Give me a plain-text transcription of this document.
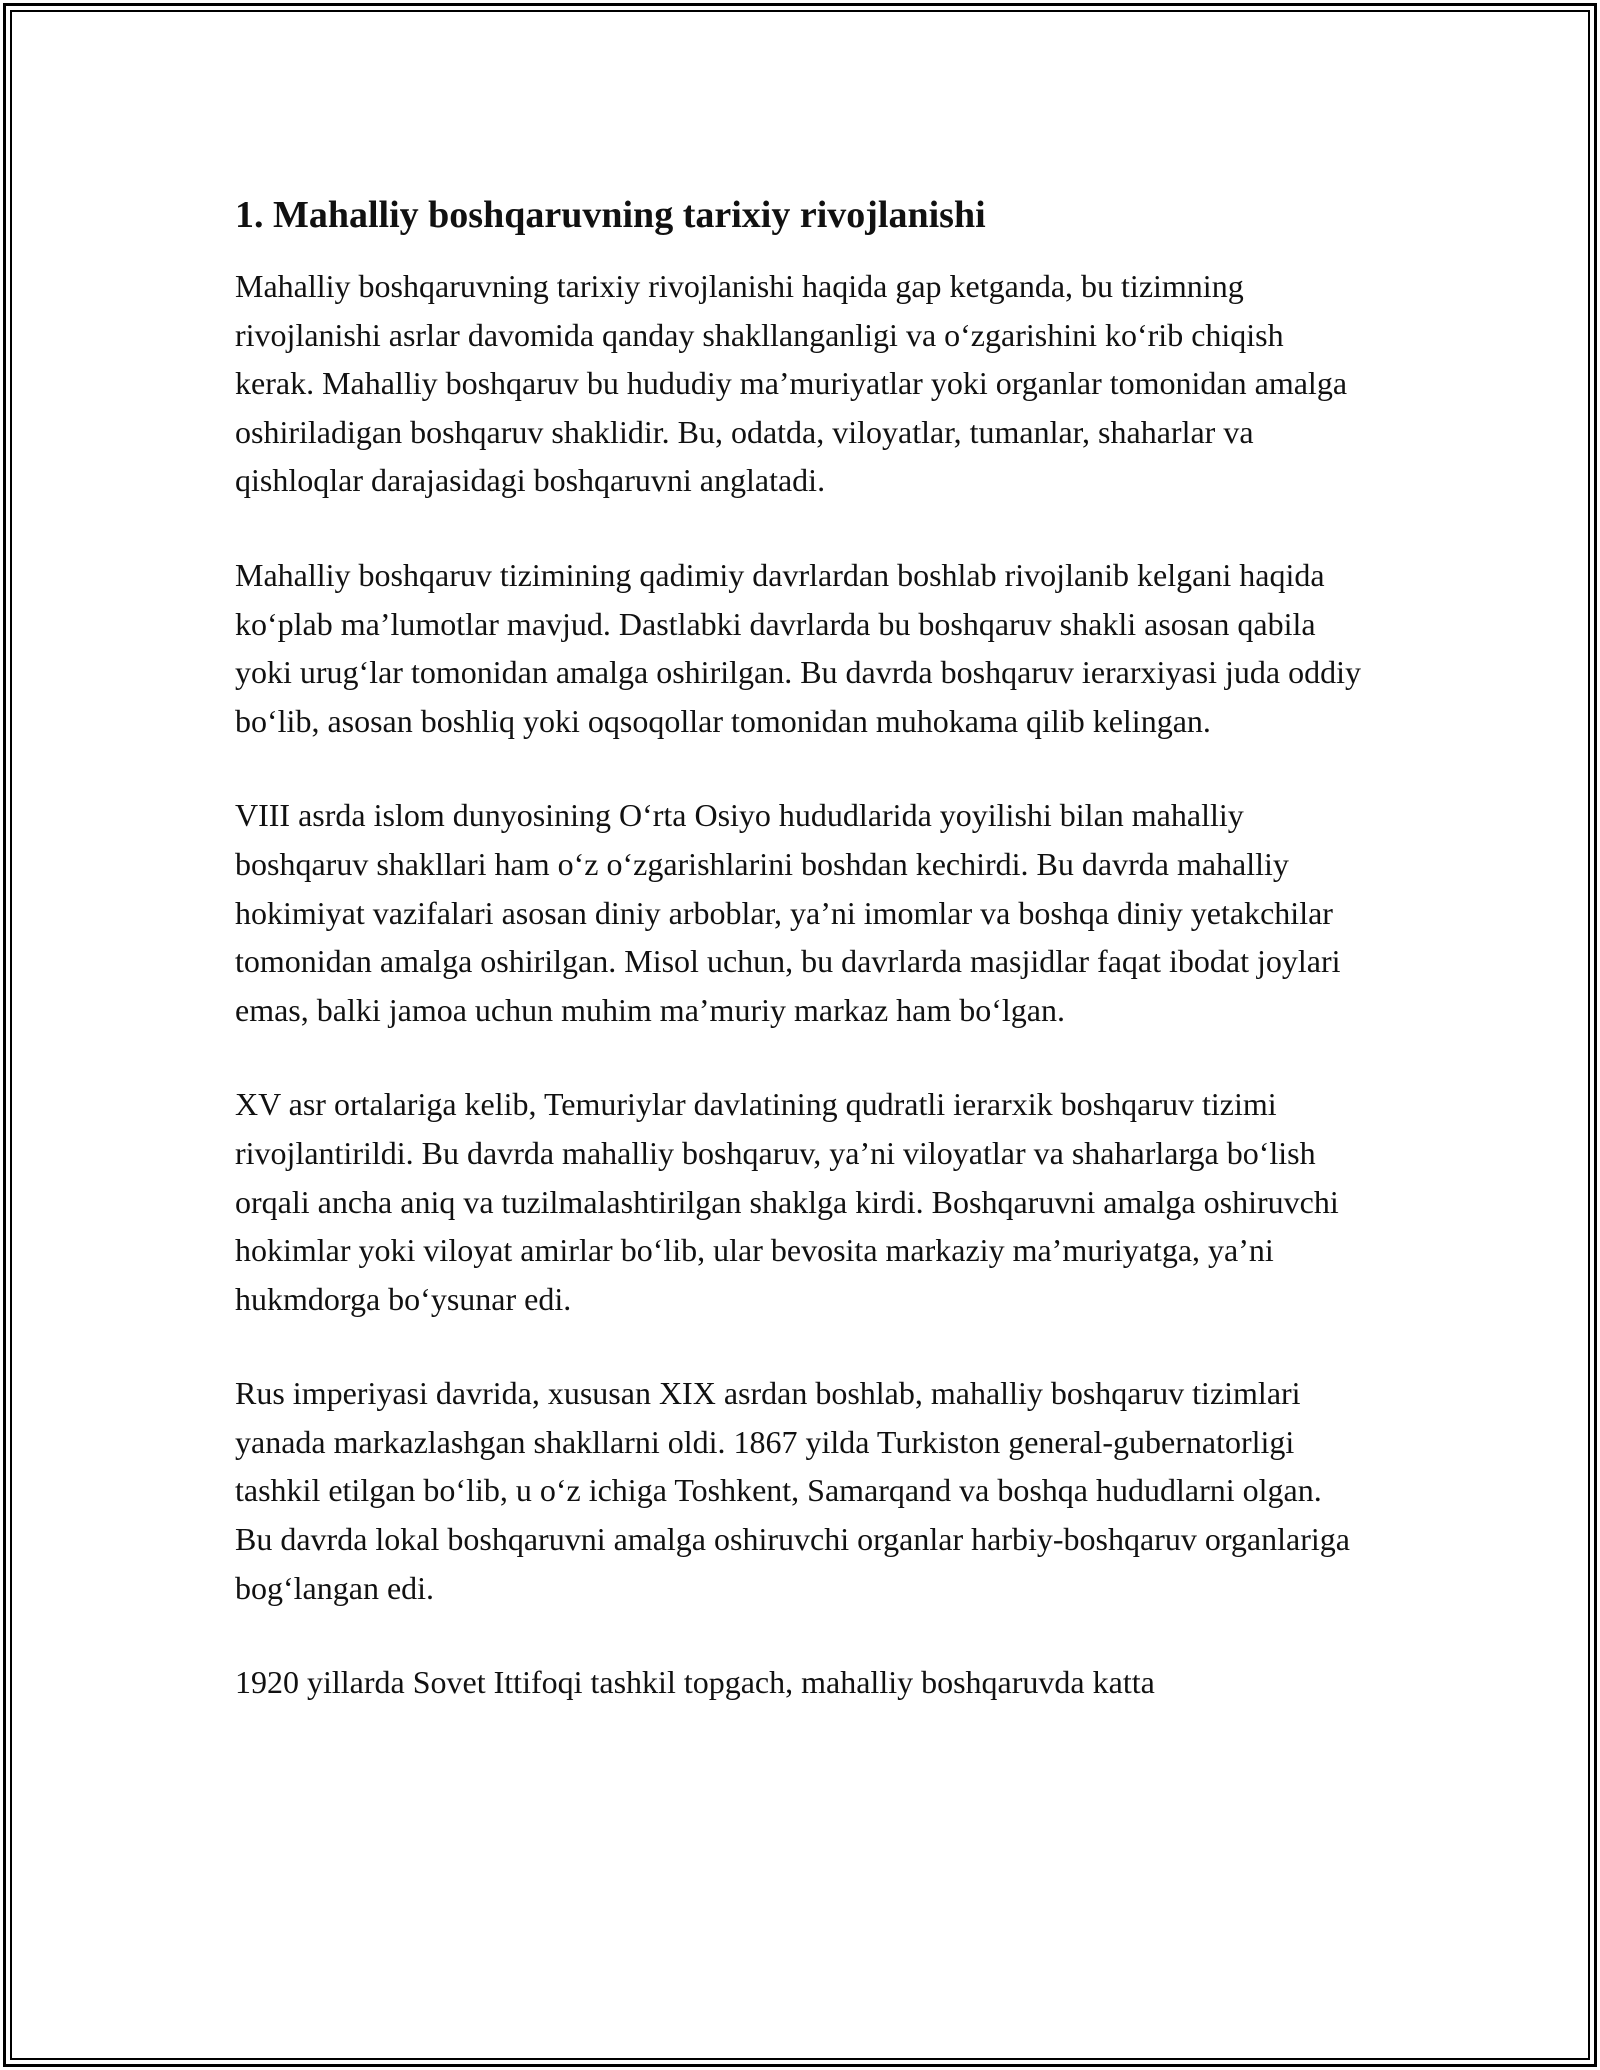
1. Mahalliy boshqaruvning tarixiy rivojlanishi

Mahalliy boshqaruvning tarixiy rivojlanishi haqida gap ketganda, bu tizimning rivojlanishi asrlar davomida qanday shakllanganligi va o‘zgarishini ko‘rib chiqish kerak. Mahalliy boshqaruv bu hududiy ma’muriyatlar yoki organlar tomonidan amalga oshiriladigan boshqaruv shaklidir. Bu, odatda, viloyatlar, tumanlar, shaharlar va qishloqlar darajasidagi boshqaruvni anglatadi.

Mahalliy boshqaruv tizimining qadimiy davrlardan boshlab rivojlanib kelgani haqida ko‘plab ma’lumotlar mavjud. Dastlabki davrlarda bu boshqaruv shakli asosan qabila yoki urug‘lar tomonidan amalga oshirilgan. Bu davrda boshqaruv ierarxiyasi juda oddiy bo‘lib, asosan boshliq yoki oqsoqollar tomonidan muhokama qilib kelingan.

VIII asrda islom dunyosining O‘rta Osiyo hududlarida yoyilishi bilan mahalliy boshqaruv shakllari ham o‘z o‘zgarishlarini boshdan kechirdi. Bu davrda mahalliy hokimiyat vazifalari asosan diniy arboblar, ya’ni imomlar va boshqa diniy yetakchilar tomonidan amalga oshirilgan. Misol uchun, bu davrlarda masjidlar faqat ibodat joylari emas, balki jamoa uchun muhim ma’muriy markaz ham bo‘lgan.

XV asr ortalariga kelib, Temuriylar davlatining qudratli ierarxik boshqaruv tizimi rivojlantirildi. Bu davrda mahalliy boshqaruv, ya’ni viloyatlar va shaharlarga bo‘lish orqali ancha aniq va tuzilmalashtirilgan shaklga kirdi. Boshqaruvni amalga oshiruvchi hokimlar yoki viloyat amirlar bo‘lib, ular bevosita markaziy ma’muriyatga, ya’ni hukmdorga bo‘ysunar edi.

Rus imperiyasi davrida, xususan XIX asrdan boshlab, mahalliy boshqaruv tizimlari yanada markazlashgan shakllarni oldi. 1867 yilda Turkiston general-gubernatorligi tashkil etilgan bo‘lib, u o‘z ichiga Toshkent, Samarqand va boshqa hududlarni olgan. Bu davrda lokal boshqaruvni amalga oshiruvchi organlar harbiy-boshqaruv organlariga bog‘langan edi.

1920 yillarda Sovet Ittifoqi tashkil topgach, mahalliy boshqaruvda katta
